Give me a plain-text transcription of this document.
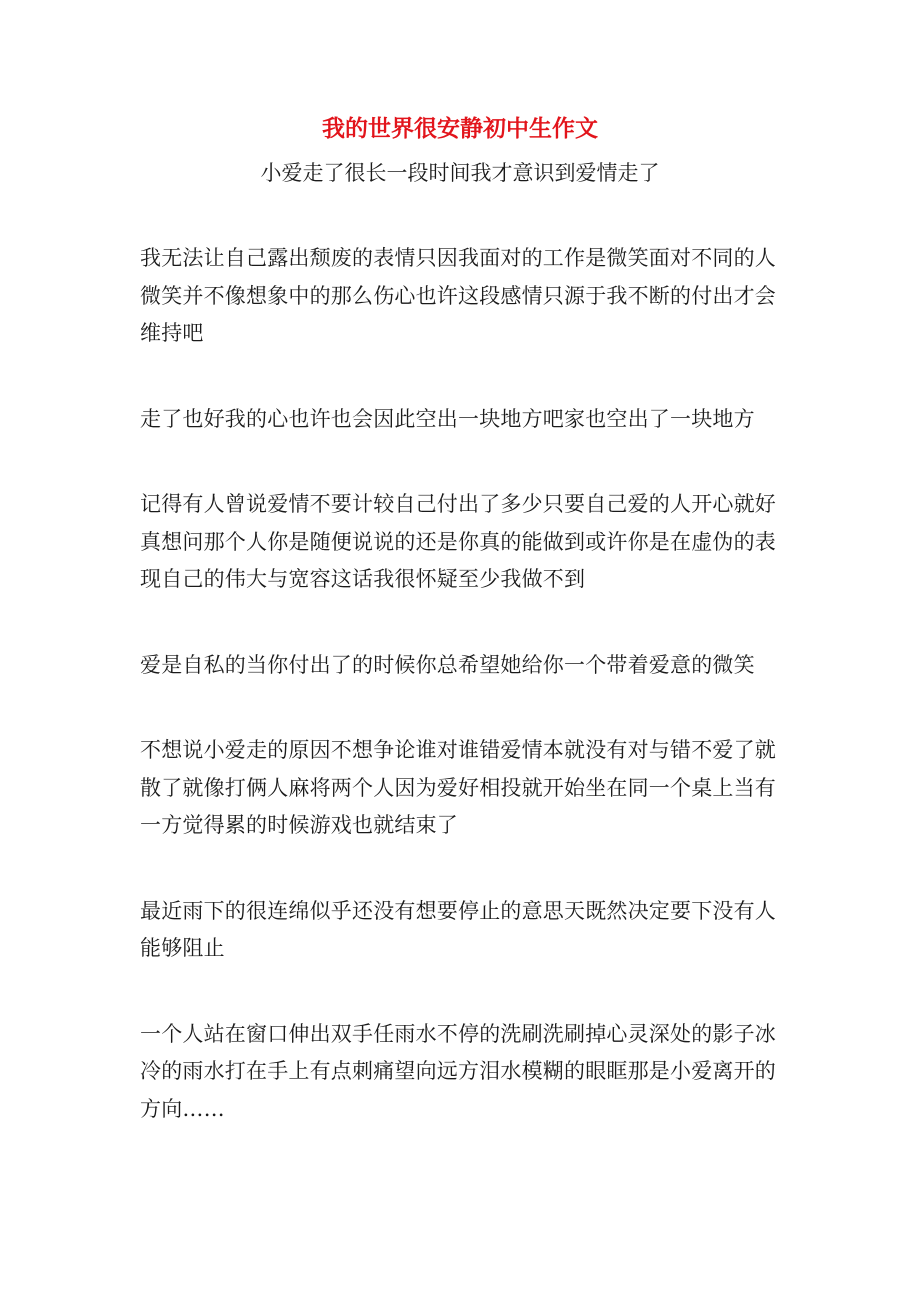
我的世界很安静初中生作文

小爱走了很长一段时间我才意识到爱情走了

我无法让自己露出颓废的表情只因我面对的工作是微笑面对不同的人微笑并不像想象中的那么伤心也许这段感情只源于我不断的付出才会维持吧

走了也好我的心也许也会因此空出一块地方吧家也空出了一块地方

记得有人曾说爱情不要计较自己付出了多少只要自己爱的人开心就好真想问那个人你是随便说说的还是你真的能做到或许你是在虚伪的表现自己的伟大与宽容这话我很怀疑至少我做不到

爱是自私的当你付出了的时候你总希望她给你一个带着爱意的微笑

不想说小爱走的原因不想争论谁对谁错爱情本就没有对与错不爱了就散了就像打俩人麻将两个人因为爱好相投就开始坐在同一个桌上当有一方觉得累的时候游戏也就结束了

最近雨下的很连绵似乎还没有想要停止的意思天既然决定要下没有人能够阻止

一个人站在窗口伸出双手任雨水不停的洗刷洗刷掉心灵深处的影子冰冷的雨水打在手上有点刺痛望向远方泪水模糊的眼眶那是小爱离开的方向……
